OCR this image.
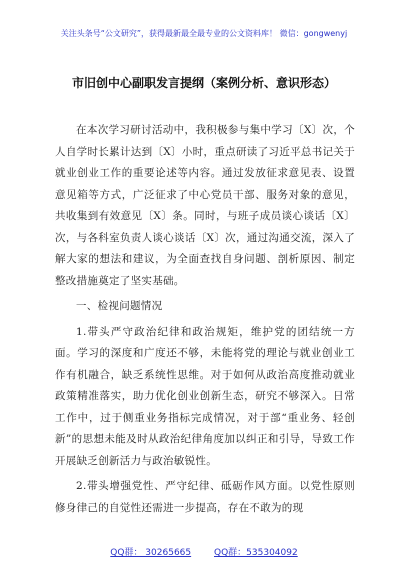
关注头条号“公文研究”，获得最新最全最专业的公文资料库！ 微信：gongwenyj
市旧创中心副职发言提纲（案例分析、意识形态）

在本次学习研讨活动中，我积极参与集中学习〔X〕次，个人自学时长累计达到〔X〕小时，重点研读了习近平总书记关于就业创业工作的重要论述等内容。通过发放征求意见表、设置意见箱等方式，广泛征求了中心党员干部、服务对象的意见，共收集到有效意见〔X〕条。同时，与班子成员谈心谈话〔X〕次，与各科室负责人谈心谈话〔X〕次，通过沟通交流，深入了解大家的想法和建议，为全面查找自身问题、剖析原因、制定整改措施奠定了坚实基础。

一、检视问题情况

1.带头严守政治纪律和政治规矩，维护党的团结统一方面。学习的深度和广度还不够，未能将党的理论与就业创业工作有机融合，缺乏系统性思维。对于如何从政治高度推动就业政策精准落实，助力优化创业创新生态，研究不够深入。日常工作中，过于侧重业务指标完成情况，对于部“重业务、轻创新”的思想未能及时从政治纪律角度加以纠正和引导，导致工作开展缺乏创新活力与政治敏锐性。

2.带头增强党性、严守纪律、砥砺作风方面。以党性原则修身律己的自觉性还需进一步提高，存在不敢为的现

QQ群： 30265665	QQ群：535304092
